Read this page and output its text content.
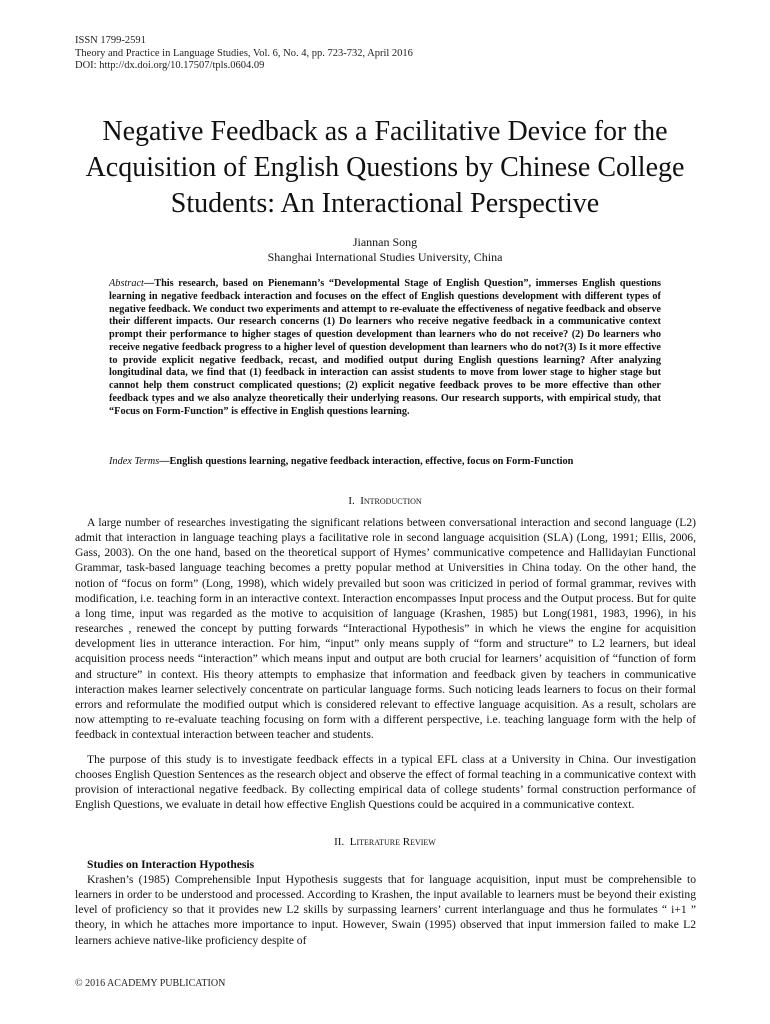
ISSN 1799-2591
Theory and Practice in Language Studies, Vol. 6, No. 4, pp. 723-732, April 2016
DOI: http://dx.doi.org/10.17507/tpls.0604.09
Negative Feedback as a Facilitative Device for the Acquisition of English Questions by Chinese College Students: An Interactional Perspective
Jiannan Song
Shanghai International Studies University, China

Abstract—This research, based on Pienemann’s “Developmental Stage of English Question”, immerses English questions learning in negative feedback interaction and focuses on the effect of English questions development with different types of negative feedback. We conduct two experiments and attempt to re-evaluate the effectiveness of negative feedback and observe their different impacts. Our research concerns (1) Do learners who receive negative feedback in a communicative context prompt their performance to higher stages of question development than learners who do not receive? (2) Do learners who receive negative feedback progress to a higher level of question development than learners who do not?(3) Is it more effective to provide explicit negative feedback, recast, and modified output during English questions learning? After analyzing longitudinal data, we find that (1) feedback in interaction can assist students to move from lower stage to higher stage but cannot help them construct complicated questions; (2) explicit negative feedback proves to be more effective than other feedback types and we also analyze theoretically their underlying reasons. Our research supports, with empirical study, that “Focus on Form-Function” is effective in English questions learning.

Index Terms—English questions learning, negative feedback interaction, effective, focus on Form-Function

I. Introduction

A large number of researches investigating the significant relations between conversational interaction and second language (L2) admit that interaction in language teaching plays a facilitative role in second language acquisition (SLA) (Long, 1991; Ellis, 2006, Gass, 2003). On the one hand, based on the theoretical support of Hymes’ communicative competence and Hallidayian Functional Grammar, task-based language teaching becomes a pretty popular method at Universities in China today. On the other hand, the notion of “focus on form” (Long, 1998), which widely prevailed but soon was criticized in period of formal grammar, revives with modification, i.e. teaching form in an interactive context. Interaction encompasses Input process and the Output process. But for quite a long time, input was regarded as the motive to acquisition of language (Krashen, 1985) but Long(1981, 1983, 1996), in his researches , renewed the concept by putting forwards “Interactional Hypothesis” in which he views the engine for acquisition development lies in utterance interaction. For him, “input” only means supply of “form and structure” to L2 learners, but ideal acquisition process needs “interaction” which means input and output are both crucial for learners’ acquisition of “function of form and structure” in context. His theory attempts to emphasize that information and feedback given by teachers in communicative interaction makes learner selectively concentrate on particular language forms. Such noticing leads learners to focus on their formal errors and reformulate the modified output which is considered relevant to effective language acquisition. As a result, scholars are now attempting to re-evaluate teaching focusing on form with a different perspective, i.e. teaching language form with the help of feedback in contextual interaction between teacher and students.

The purpose of this study is to investigate feedback effects in a typical EFL class at a University in China. Our investigation chooses English Question Sentences as the research object and observe the effect of formal teaching in a communicative context with provision of interactional negative feedback. By collecting empirical data of college students’ formal construction performance of English Questions, we evaluate in detail how effective English Questions could be acquired in a communicative context.

II. Literature Review

Studies on Interaction Hypothesis

Krashen’s (1985) Comprehensible Input Hypothesis suggests that for language acquisition, input must be comprehensible to learners in order to be understood and processed. According to Krashen, the input available to learners must be beyond their existing level of proficiency so that it provides new L2 skills by surpassing learners’ current interlanguage and thus he formulates “ i+1 ” theory, in which he attaches more importance to input. However, Swain (1995) observed that input immersion failed to make L2 learners achieve native-like proficiency despite of

© 2016 ACADEMY PUBLICATION
